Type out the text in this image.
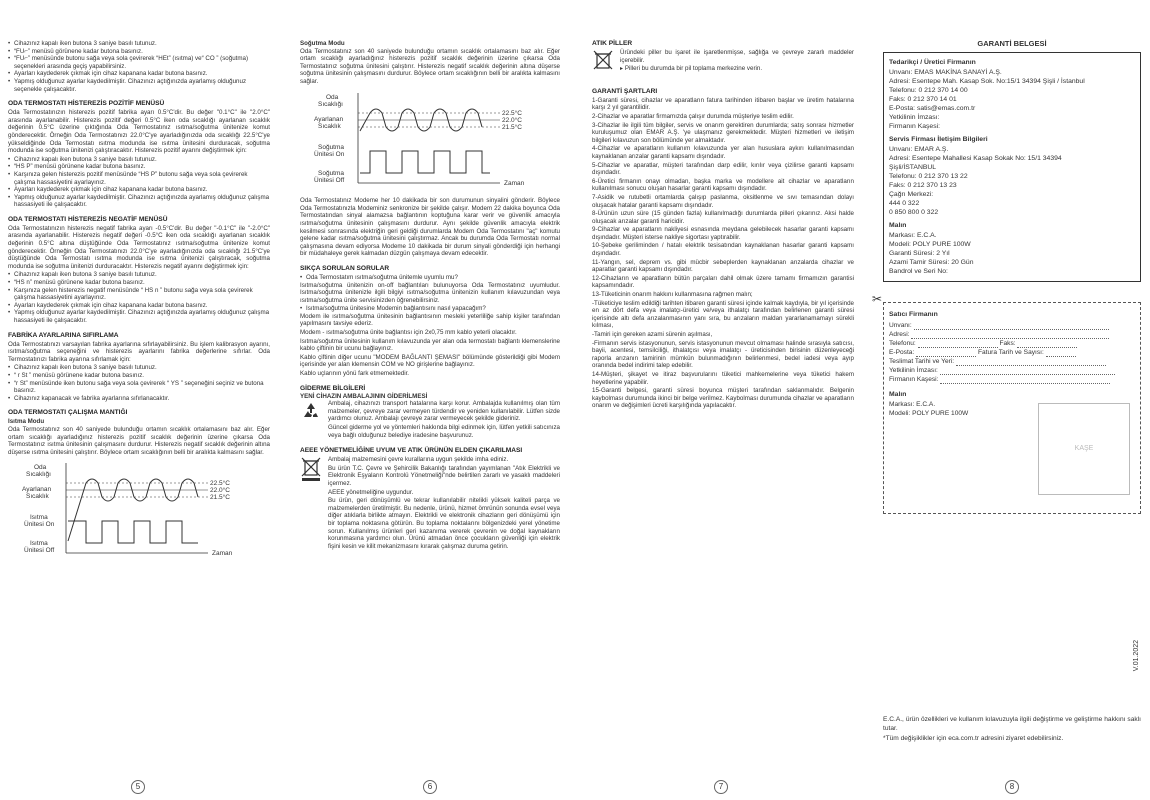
• Cihazınız kapalı iken butona 3 saniye basılı tutunuz.
• “FU⌐” menüsü görünene kadar butona basınız.
• “FU⌐” menüsünde butonu sağa veya sola çevirerek “HEt” (ısıtma) ve“ CO ” (soğutma) seçenekleri arasında geçiş yapabilirsiniz.
• Ayarları kaydederek çıkmak için cihaz kapanana kadar butona basınız.
• Yapmış olduğunuz ayarlar kaydedilmiştir. Cihazınızı açtığınızda ayarlamış olduğunuz seçenekle çalışacaktır.
ODA TERMOSTATI HİSTEREZİS POZİTİF MENÜSÜ

Oda Termostatınızın histerezis pozitif fabrika ayarı 0.5°C'dir. Bu değer "0.1°C" ile "2.0°C" arasında ayarlanabilir. Histerezis pozitif değeri 0.5°C iken oda sıcaklığı ayarlanan sıcaklık değerinin 0.5°C üzerine çıktığında Oda Termostatınız ısıtma/soğutma ünitenize komut gönderecektir. Örneğin Oda Termostatınızı 22.0°C'ye ayarladığınızda oda sıcaklığı 22.5°C'ye yükseldiğinde Oda Termostatı ısıtma modunda ise ısıtma ünitesini durduracak, soğutma modunda ise soğutma ünitenizi çalıştıracaktır. Histerezis pozitif ayarını değiştirmek için:

• Cihazınız kapalı iken butona 3 saniye basılı tutunuz.
• “HS P” menüsü görünene kadar butona basınız.
• Karşınıza gelen histerezis pozitif menüsünde “HS P” butonu sağa veya sola çevirerek çalışma hassasiyetini ayarlayınız.
• Ayarları kaydederek çıkmak için cihaz kapanana kadar butona basınız.
• Yapmış olduğunuz ayarlar kaydedilmiştir. Cihazınızı açtığınızda ayarlamış olduğunuz çalışma hassasiyeti ile çalışacaktır.
ODA TERMOSTATI HİSTEREZİS NEGATİF MENÜSÜ

Oda Termostatınızın histerezis negatif fabrika ayarı -0.5°C'dir. Bu değer "-0.1°C" ile "-2.0°C" arasında ayarlanabilir. Histerezis negatif değeri -0.5°C iken oda sıcaklığı ayarlanan sıcaklık değerinin 0.5°C altına düştüğünde Oda Termostatınız ısıtma/soğutma ünitenize komut gönderecektir. Örneğin Oda Termostatınızı 22.0°C'ye ayarladığınızda oda sıcaklığı 21.5°C'ye düştüğünde Oda Termostatı ısıtma modunda ise ısıtma ünitenizi çalıştıracak, soğutma modunda ise soğutma ünitenizi durduracaktır. Histerezis negatif ayarını değiştirmek için:

• Cihazınız kapalı iken butona 3 saniye basılı tutunuz.
• “HS n” menüsü görünene kadar butona basınız.
• Karşınıza gelen histerezis negatif menüsünde “ HS n ” butonu sağa veya sola çevirerek çalışma hassasiyetini ayarlayınız.
• Ayarları kaydederek çıkmak için cihaz kapanana kadar butona basınız.
• Yapmış olduğunuz ayarlar kaydedilmiştir. Cihazınızı açtığınızda ayarlamış olduğunuz çalışma hassasiyeti ile çalışacaktır.
FABRİKA AYARLARINA SIFIRLAMA

Oda Termostatınızı varsayılan fabrika ayarlarına sıfırlayabilirsiniz. Bu işlem kalibrasyon ayarını, ısıtma/soğutma seçeneğini ve histerezis ayarlarını fabrika değerlerine sıfırlar. Oda Termostatınızı fabrika ayarına sıfırlamak için:

• Cihazınız kapalı iken butona 3 saniye basılı tutunuz.
• “ r St ” menüsü görünene kadar butona basınız.
• “r St” menüsünde iken butonu sağa veya sola çevirerek “ YS ” seçeneğini seçiniz ve butona basınız.
• Cihazınız kapanacak ve fabrika ayarlarına sıfırlanacaktır.
ODA TERMOSTATI ÇALIŞMA MANTIĞI
Isıtma Modu

Oda Termostatınız son 40 saniyede bulunduğu ortamın sıcaklık ortalamasını baz alır. Eğer ortam sıcaklığı ayarladığınız histerezis pozitif sıcaklık değerinin üzerine çıkarsa Oda Termostatınız ısıtma ünitesinin çalışmasını durdurur. Histerezis negatif sıcaklık değerinin altına düşerse ısıtma ünitesini çalıştırır. Böylece ortam sıcaklığının belli bir aralıkta kalmasını sağlar.

Oda
Sıcaklığı
Ayarlanan
Sıcaklık
22.5°C
22.0°C
21.5°C
Isıtma
Ünitesi On
Isıtma
Ünitesi Off	Zaman
5
Soğutma Modu

Oda Termostatınız son 40 saniyede bulunduğu ortamın sıcaklık ortalamasını baz alır. Eğer ortam sıcaklığı ayarladığınız histerezis pozitif sıcaklık değerinin üzerine çıkarsa Oda Termostatınız soğutma ünitesini çalıştırır. Histerezis negatif sıcaklık değerinin altına düşerse soğutma ünitesinin çalışmasını durdurur. Böylece ortam sıcaklığının belli bir aralıkta kalmasını sağlar.

Oda
Sıcaklığı
Ayarlanan
Sıcaklık
22.5°C
22.0°C
21.5°C
Soğutma
Ünitesi On
Soğutma
Ünitesi Off	Zaman

Oda Termostatınız Modeme her 10 dakikada bir son durumunun sinyalini gönderir. Böylece Oda Termostatınızla Modeminiz senkronize bir şekilde çalışır. Modem 22 dakika boyunca Oda Termostatından sinyal alamazsa bağlantının koptuğuna karar verir ve güvenlik amacıyla ısıtma/soğutma ünitesinin çalışmasını durdurur. Aynı şekilde güvenlik amacıyla elektrik kesilmesi sonrasında elektriğin geri geldiği durumlarda Modem Oda Termostatını "aç" komutu gelene kadar ısıtma/soğutma ünitesini çalıştırmaz. Ancak bu durumda Oda Termostatı normal çalışmasına devam ediyorsa Modeme 10 dakikada bir durum sinyali gönderdiği için herhangi bir müdahaleye gerek kalmadan düzgün çalışmaya devam edecektir.

SIKÇA SORULAN SORULAR
• Oda Termostatım ısıtma/soğutma ünitemle uyumlu mu?

Isıtma/soğutma ünitenizin on-off bağlantıları bulunuyorsa Oda Termostatınız uyumludur. Isıtma/soğutma ünitenizle ilgili bilgiyi ısıtma/soğutma ünitenizin kullanım kılavuzundan veya ısıtma/soğutma ünite servisinizden öğrenebilirsiniz.

• Isıtma/soğutma ünitesine Modemin bağlantısını nasıl yapacağım?

Modem ile ısıtma/soğutma ünitesinin bağlantısının mesleki yeterliliğe sahip kişiler tarafından yapılmasını tavsiye ederiz.

Modem - ısıtma/soğutma ünite bağlantısı için 2x0,75 mm kablo yeterli olacaktır.

Isıtma/soğutma ünitesinin kullanım kılavuzunda yer alan oda termostatı bağlantı klemenslerine kablo çiftinin bir ucunu bağlayınız.

Kablo çiftinin diğer ucunu "MODEM BAĞLANTI ŞEMASI" bölümünde gösterildiği gibi Modem içerisinde yer alan klemensin COM ve NO girişlerine bağlayınız.

Kablo uçlarının yönü fark etmemektedir.

GİDERME BİLGİLERİ
YENİ CİHAZIN AMBALAJININ GİDERİLMESİ

Ambalaj, cihazınızı transport hatalarına karşı korur. Ambalajda kullanılmış olan tüm malzemeler, çevreye zarar vermeyen türdendir ve yeniden kullanılabilir. Lütfen sizde yardımcı olunuz. Ambalajı çevreye zarar vermeyecek şekilde gideriniz.

Güncel giderme yol ve yöntemleri hakkında bilgi edinmek için, lütfen yetkili satıcınıza veya bağlı olduğunuz belediye iradesine başvurunuz.

AEEE YÖNETMELİĞİNE UYUM VE ATIK ÜRÜNÜN ELDEN ÇIKARILMASI

Ambalaj malzemesini çevre kurallarına uygun şekilde imha ediniz.

Bu ürün T.C. Çevre ve Şehircilik Bakanlığı tarafından yayımlanan "Atık Elektrikli ve Elektronik Eşyaların Kontrolü Yönetmeliği"nde belirtilen zararlı ve yasaklı maddeleri içermez.

AEEE yönetmeliğine uygundur.

Bu ürün, geri dönüşümlü ve tekrar kullanılabilir nitelikli yüksek kaliteli parça ve malzemelerden üretilmiştir. Bu nedenle, ürünü, hizmet ömrünün sonunda evsel veya diğer atıklarla birlikte atmayın. Elektrikli ve elektronik cihazların geri dönüşümü için bir toplama noktasına götürün. Bu toplama noktalarını bölgenizdeki yerel yönetime sorun. Kullanılmış ürünleri geri kazanıma vererek çevrenin ve doğal kaynakların korunmasına yardımcı olun. Ürünü atmadan önce çocukların güvenliği için elektrik fişini kesin ve kilit mekanizmasını kırarak çalışmaz duruma getirin.

6
ATIK PİLLER

Üründeki piller bu işaret ile işaretlenmişse, sağlığa ve çevreye zararlı maddeler içerebilir.

▸ Pilleri bu durumda bir pil toplama merkezine verin.

GARANTİ ŞARTLARI

1-Garanti süresi, cihazlar ve aparatların fatura tarihinden itibaren başlar ve üretim hatalarına karşı 2 yıl garantilidir.

2-Cihazlar ve aparatlar firmamızda çalışır durumda müşteriye teslim edilir.

3-Cihazlar ile ilgili tüm bilgiler, servis ve onarım gerektiren durumlarda; satış sonrası hizmetler kuruluşumuz olan EMAR A.Ş. 'ye ulaşmanız gerekmektedir. Müşteri hizmetleri ve iletişim bilgileri kılavuzun son bölümünde yer almaktadır.

4-Cihazlar ve aparatların kullanım kılavuzunda yer alan hususlara aykırı kullanılmasından kaynaklanan arızalar garanti kapsamı dışındadır.

5-Cihazlar ve aparatlar, müşteri tarafından darp edilir, kırılır veya çizilirse garanti kapsamı dışındadır.

6-Üretici firmanın onayı olmadan, başka marka ve modellere ait cihazlar ve aparatların kullanılması sonucu oluşan hasarlar garanti kapsamı dışındadır.

7-Asidik ve rutubetli ortamlarda çalışıp paslanma, oksitlenme ve sıvı temasından dolayı oluşacak hatalar garanti kapsamı dışındadır.

8-Ürünün uzun süre (15 günden fazla) kullanılmadığı durumlarda pilleri çıkarınız. Aksi halde oluşacak arızalar garanti haricidir.

9-Cihazlar ve aparatların nakliyesi esnasında meydana gelebilecek hasarlar garanti kapsamı dışındadır. Müşteri isterse nakliye sigortası yaptırabilir.

10-Şebeke geriliminden / hatalı elektrik tesisatından kaynaklanan hasarlar garanti kapsamı dışındadır.

11-Yangın, sel, deprem vs. gibi mücbir sebeplerden kaynaklanan arızalarda cihazlar ve aparatlar garanti kapsamı dışındadır.

12-Cihazların ve aparatların bütün parçaları dahil olmak üzere tamamı firmamızın garantisi kapsamındadır.

13-Tüketicinin onarım hakkını kullanmasına rağmen malın;

-Tüketiciye teslim edildiği tarihten itibaren garanti süresi içinde kalmak kaydıyla, bir yıl içerisinde en az dört defa veya imalatçı-üretici ve/veya ithalatçı tarafından belirlenen garanti süresi içerisinde altı defa arızalanmasının yanı sıra, bu arızaların maldan yararlanamamayı sürekli kılması,

-Tamiri için gereken azami sürenin aşılması,

-Firmanın servis istasyonunun, servis istasyonunun mevcut olmaması halinde sırasıyla satıcısı, bayii, acentesi, temsilciliği, ithalatçısı veya imalatçı - üreticisinden birisinin düzenleyeceği raporla arızanın tamirinin mümkün bulunmadığının belirlenmesi, bedel iadesi veya ayıp oranında bedel indirimi talep edebilir.

14-Müşteri, şikayet ve itiraz başvurularını tüketici mahkemelerine veya tüketici hakem heyetlerine yapabilir.

15-Garanti belgesi, garanti süresi boyunca müşteri tarafından saklanmalıdır. Belgenin kaybolması durumunda ikinci bir belge verilmez. Kaybolması durumunda cihazlar ve aparatların onarım ve değişimleri ücreti karşılığında yapılacaktır.

7
GARANTİ BELGESİ
Tedarikçi / Üretici Firmanın
Unvanı: EMAS MAKİNA SANAYİ A.Ş.
Adresi: Esentepe Mah. Kasap Sok. No:15/1 34394 Şişli / İstanbul
Telefonu: 0 212 370 14 00
Faks: 0 212 370 14 01
E-Posta: satis@emas.com.tr
Yetkilinin İmzası:
Firmanın Kaşesi:
Servis Firması İletişim Bilgileri
Unvanı: EMAR A.Ş.
Adresi: Esentepe Mahallesi Kasap Sokak No: 15/1 34394
Şişli/İSTANBUL
Telefonu: 0 212 370 13 22
Faks: 0 212 370 13 23
Çağrı Merkezi:
444 0 322
0 850 800 0 322
Malın
Markası: E.C.A.
Modeli: POLY PURE 100W
Garanti Süresi: 2 Yıl
Azami Tamir Süresi: 20 Gün
Bandrol ve Seri No:
✂
Satıcı Firmanın
Unvanı:
Adresi:
Telefonu:	Faks:
E-Posta:	Fatura Tarih ve Sayısı:
Teslimat Tarihi ve Yeri:
Yetkilinin İmzası:
Firmanın Kaşesi:
Malın
Markası: E.C.A.
Modeli: POLY PURE 100W
KAŞE
V.01.2022

E.C.A., ürün özellikleri ve kullanım kılavuzuyla ilgili değiştirme ve geliştirme hakkını saklı tutar.

*Tüm değişiklikler için eca.com.tr adresini ziyaret edebilirsiniz.

8
